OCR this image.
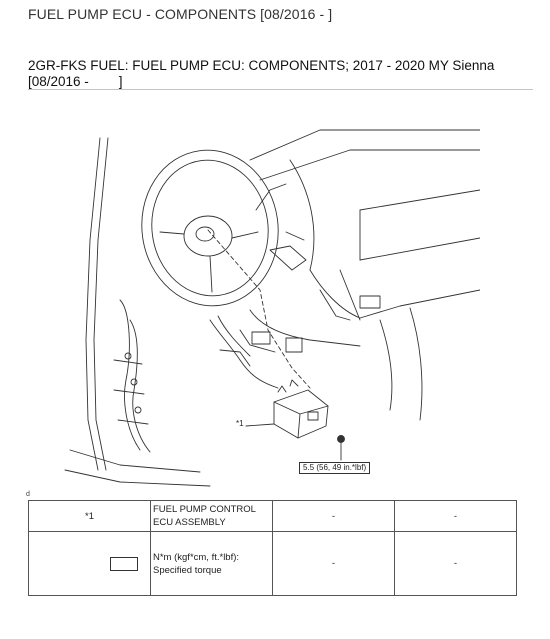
FUEL PUMP ECU - COMPONENTS [08/2016 - ]
2GR-FKS FUEL: FUEL PUMP ECU: COMPONENTS; 2017 - 2020 MY Sienna
[08/2016 -        ]
*1
5.5 (56, 49 in.*lbf)
d
*1	FUEL PUMP CONTROL
ECU ASSEMBLY	-	-

	N*m (kgf*cm, ft.*lbf):
Specified torque	-	-
